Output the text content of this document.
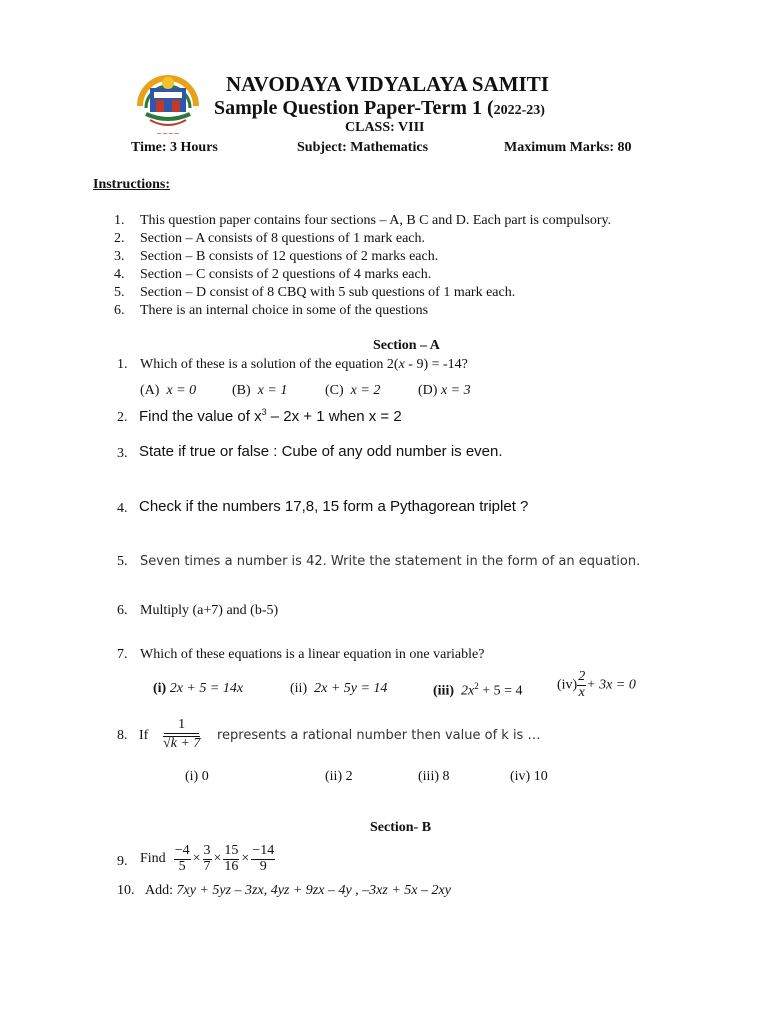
~~~~
NAVODAYA VIDYALAYA SAMITI
Sample Question Paper-Term 1 (2022-23)
CLASS: VIII
Time: 3 Hours	Subject: Mathematics	Maximum Marks: 80
Instructions:
1.	This question paper contains four sections – A, B C and D. Each part is compulsory.
2.	Section – A consists of 8 questions of 1 mark each.
3.	Section – B consists of 12 questions of 2 marks each.
4.	Section – C consists of 2 questions of 4 marks each.
5.	Section – D consist of 8 CBQ with 5 sub questions of 1 mark each.
6.	There is an internal choice in some of the questions
Section – A
1. Which of these is a solution of the equation 2(x - 9) = -14?
(A) x = 0	(B) x = 1	(C) x = 2	(D) x = 3
2. Find the value of $x^3 - 2x + 1$ when x = 2
3. State if true or false : Cube of any odd number is even.
4. Check if the numbers 17,8, 15 form a Pythagorean triplet ?
5. Seven times a number is 42. Write the statement in the form of an equation.
6. Multiply (a+7) and (b-5)
7. Which of these equations is a linear equation in one variable?
(i) 2x + 5 = 14x	(ii) 2x + 5y = 14	(iii) $2x^2 + 5 = 4$ $(iv) \frac{2}{x} + 3x = 0$
8. If $\frac{1}{√k + 7}$ represents a rational number then value of k is …
(i) 0	(ii) 2	(iii) 8	(iv) 10
Section- B
9. Find $\frac{-4}{5} \times \frac{3}{7} \times \frac{15}{16} \times \frac{-14}{9}$
10. Add: 7xy + 5yz – 3zx, 4yz + 9zx – 4y , –3xz + 5x – 2xy
